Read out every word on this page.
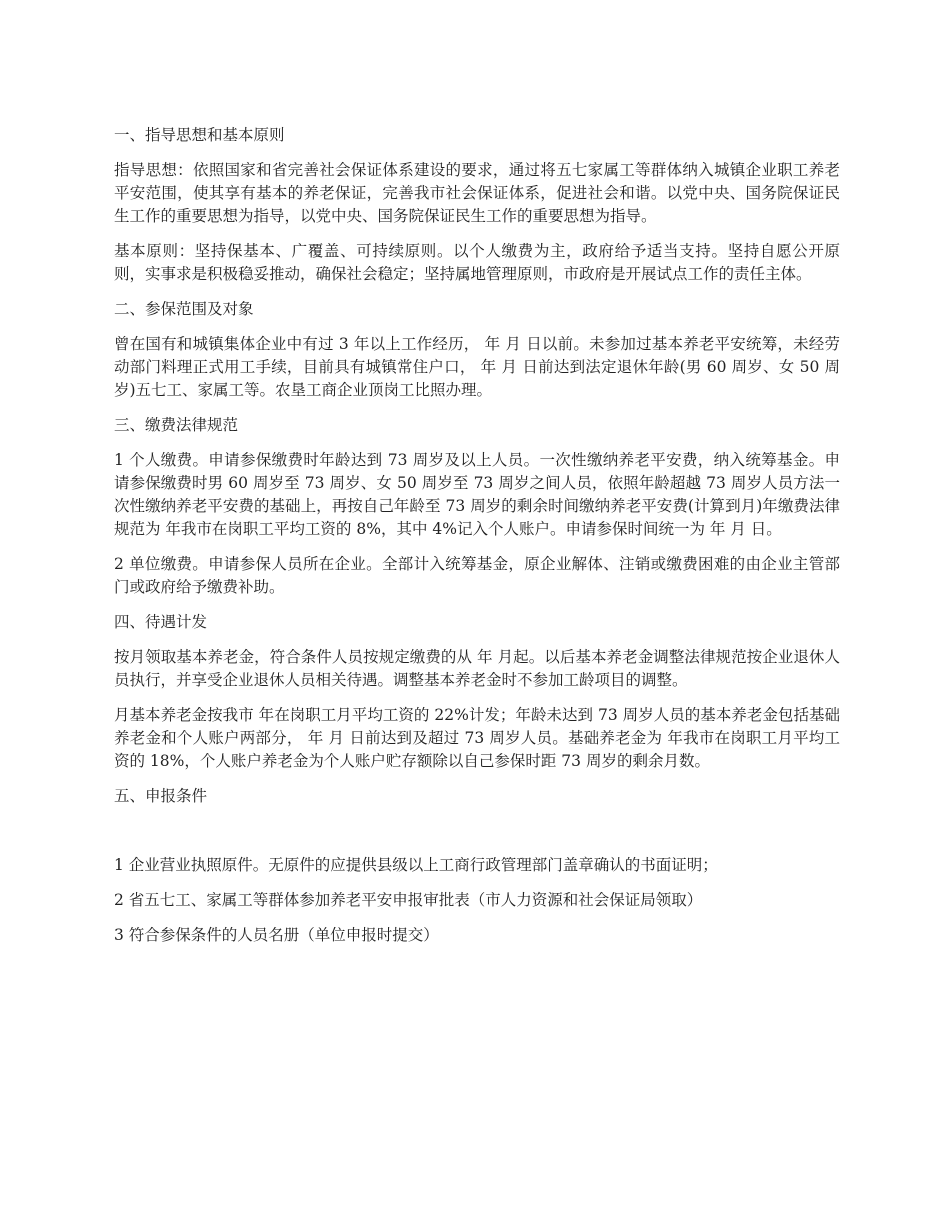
一、指导思想和基本原则
指导思想：依照国家和省完善社会保证体系建设的要求，通过将五七家属工等群体纳入城镇企业职工养老平安范围，使其享有基本的养老保证，完善我市社会保证体系，促进社会和谐。以党中央、国务院保证民生工作的重要思想为指导，以党中央、国务院保证民生工作的重要思想为指导。
基本原则：坚持保基本、广覆盖、可持续原则。以个人缴费为主，政府给予适当支持。坚持自愿公开原则，实事求是积极稳妥推动，确保社会稳定；坚持属地管理原则，市政府是开展试点工作的责任主体。
二、参保范围及对象
曾在国有和城镇集体企业中有过 3 年以上工作经历， 年 月 日以前。未参加过基本养老平安统筹，未经劳动部门料理正式用工手续，目前具有城镇常住户口， 年 月 日前达到法定退休年龄(男 60 周岁、女 50 周岁)五七工、家属工等。农垦工商企业顶岗工比照办理。
三、缴费法律规范
1 个人缴费。申请参保缴费时年龄达到 73 周岁及以上人员。一次性缴纳养老平安费，纳入统筹基金。申请参保缴费时男 60 周岁至 73 周岁、女 50 周岁至 73 周岁之间人员，依照年龄超越 73 周岁人员方法一次性缴纳养老平安费的基础上，再按自己年龄至 73 周岁的剩余时间缴纳养老平安费(计算到月)年缴费法律规范为 年我市在岗职工平均工资的 8%，其中 4%记入个人账户。申请参保时间统一为 年 月 日。
2 单位缴费。申请参保人员所在企业。全部计入统筹基金，原企业解体、注销或缴费困难的由企业主管部门或政府给予缴费补助。
四、待遇计发
按月领取基本养老金，符合条件人员按规定缴费的从 年 月起。以后基本养老金调整法律规范按企业退休人员执行，并享受企业退休人员相关待遇。调整基本养老金时不参加工龄项目的调整。
月基本养老金按我市 年在岗职工月平均工资的 22%计发；年龄未达到 73 周岁人员的基本养老金包括基础养老金和个人账户两部分， 年 月 日前达到及超过 73 周岁人员。基础养老金为 年我市在岗职工月平均工资的 18%，个人账户养老金为个人账户贮存额除以自己参保时距 73 周岁的剩余月数。
五、申报条件
1 企业营业执照原件。无原件的应提供县级以上工商行政管理部门盖章确认的书面证明；
2 省五七工、家属工等群体参加养老平安申报审批表（市人力资源和社会保证局领取）
3 符合参保条件的人员名册（单位申报时提交）
